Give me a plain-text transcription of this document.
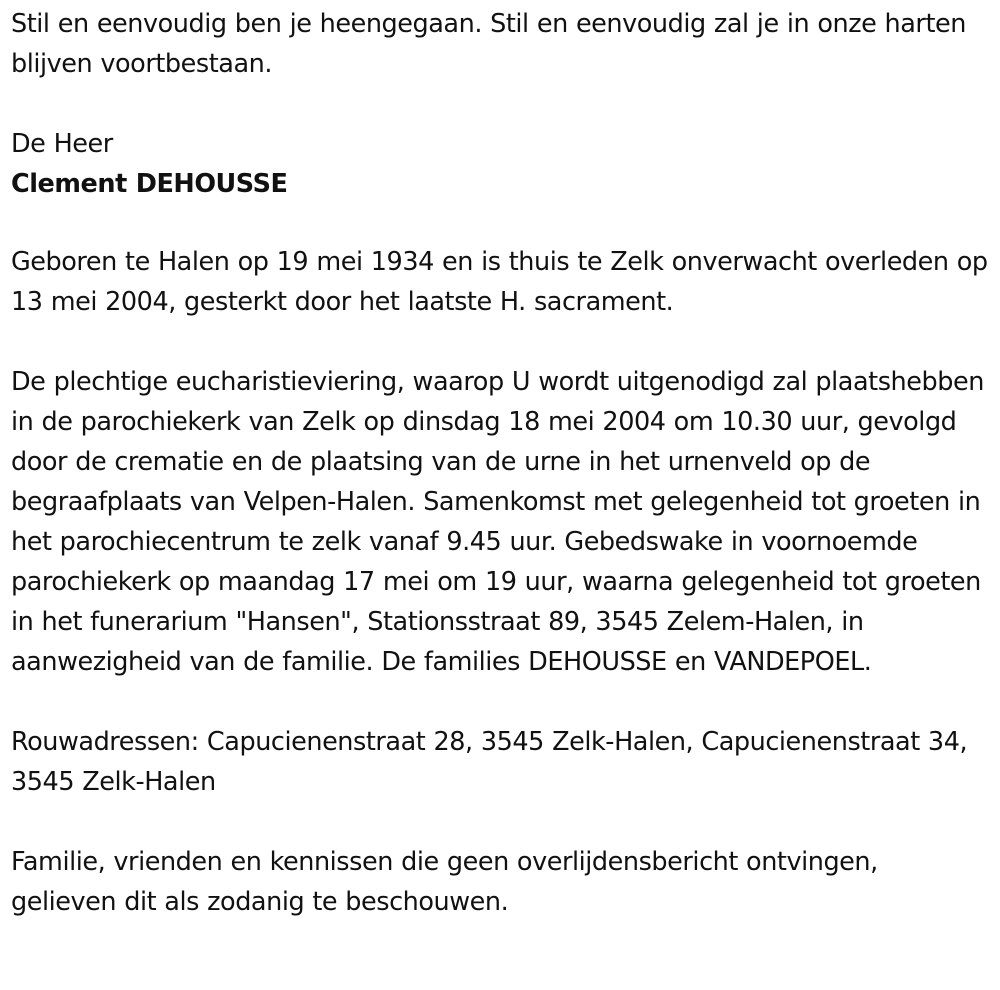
Stil en eenvoudig ben je heengegaan. Stil en eenvoudig zal je in onze harten blijven voortbestaan.

De Heer

Clement DEHOUSSE

Geboren te Halen op 19 mei 1934 en is thuis te Zelk onverwacht overleden op 13 mei 2004, gesterkt door het laatste H. sacrament.

De plechtige eucharistieviering, waarop U wordt uitgenodigd zal plaatshebben in de parochiekerk van Zelk op dinsdag 18 mei 2004 om 10.30 uur, gevolgd door de crematie en de plaatsing van de urne in het urnenveld op de begraafplaats van Velpen-Halen. Samenkomst met gelegenheid tot groeten in het parochiecentrum te zelk vanaf 9.45 uur. Gebedswake in voornoemde parochiekerk op maandag 17 mei om 19 uur, waarna gelegenheid tot groeten in het funerarium "Hansen", Stationsstraat 89, 3545 Zelem-Halen, in aanwezigheid van de familie. De families DEHOUSSE en VANDEPOEL.

Rouwadressen: Capucienenstraat 28, 3545 Zelk-Halen, Capucienenstraat 34, 3545 Zelk-Halen

Familie, vrienden en kennissen die geen overlijdensbericht ontvingen, gelieven dit als zodanig te beschouwen.
